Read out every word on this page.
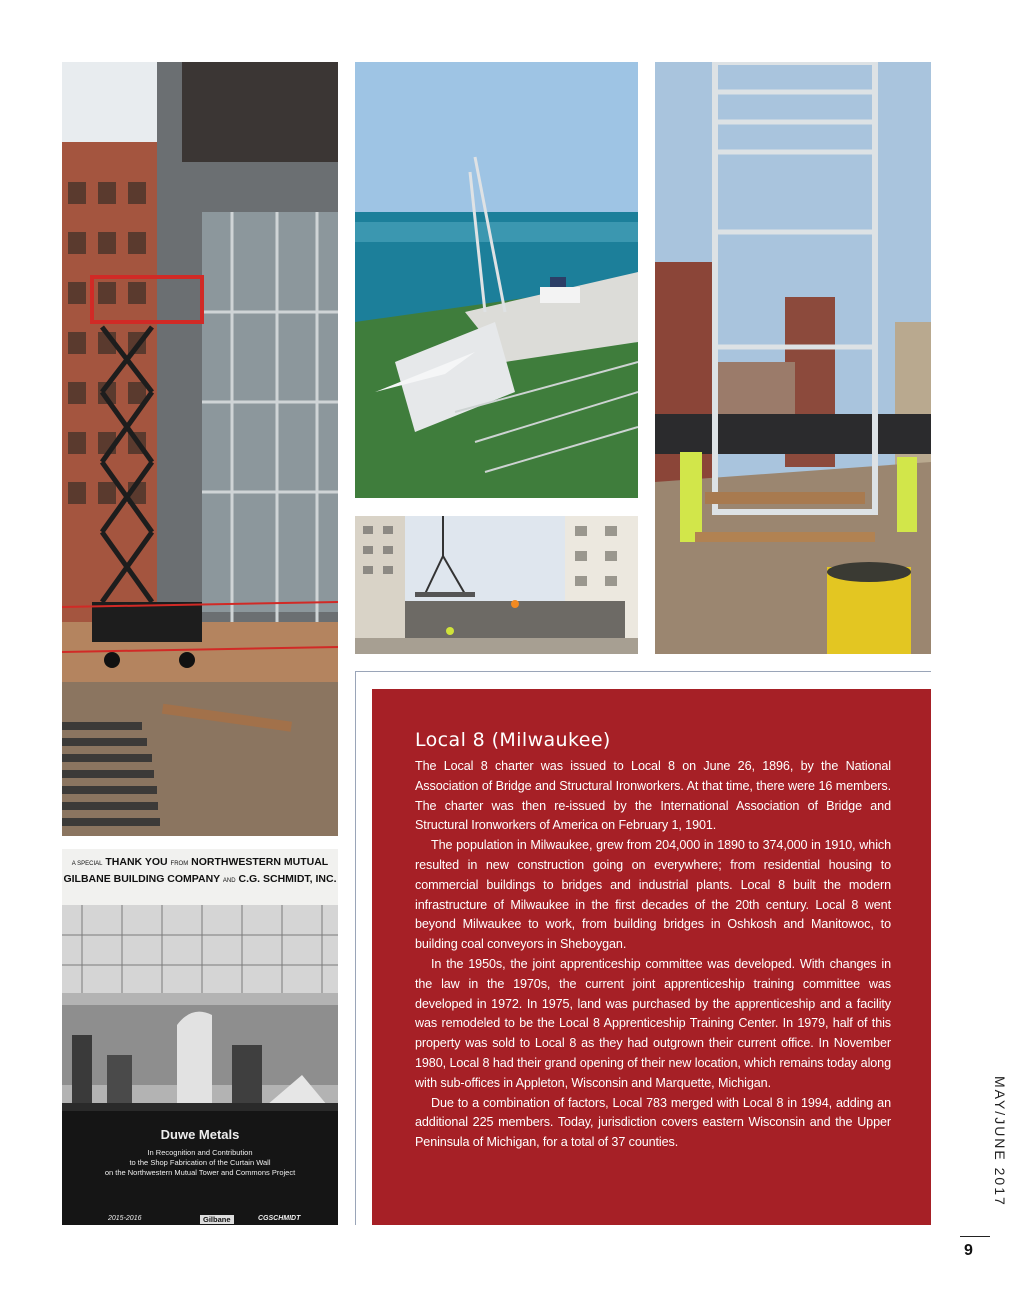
A SPECIAL THANK YOU FROM NORTHWESTERN MUTUAL
GILBANE BUILDING COMPANY AND C.G. SCHMIDT, INC.
Duwe Metals
In Recognition and Contribution
to the Shop Fabrication of the Curtain Wall
on the Northwestern Mutual Tower and Commons Project
2015-2016	Gilbane	CGSCHMIDT
Local 8 (Milwaukee)

The Local 8 charter was issued to Local 8 on June 26, 1896, by the National Association of Bridge and Structural Ironworkers. At that time, there were 16 members. The charter was then re-issued by the International Association of Bridge and Structural Ironworkers of America on February 1, 1901.

The population in Milwaukee, grew from 204,000 in 1890 to 374,000 in 1910, which resulted in new construction going on everywhere; from residential housing to commercial buildings to bridges and industrial plants. Local 8 built the modern infrastructure of Milwaukee in the first decades of the 20th century. Local 8 went beyond Milwaukee to work, from building bridges in Oshkosh and Manitowoc, to building coal conveyors in Sheboygan.

In the 1950s, the joint apprenticeship committee was developed. With changes in the law in the 1970s, the current joint apprenticeship training committee was developed in 1972. In 1975, land was purchased by the apprenticeship and a facility was remodeled to be the Local 8 Apprenticeship Training Center. In 1979, half of this property was sold to Local 8 as they had outgrown their current office. In November 1980, Local 8 had their grand opening of their new location, which remains today along with sub-offices in Appleton, Wisconsin and Marquette, Michigan.

Due to a combination of factors, Local 783 merged with Local 8 in 1994, adding an additional 225 members. Today, jurisdiction covers eastern Wisconsin and the Upper Peninsula of Michigan, for a total of 37 counties.	MAY/JUNE 2017
9
